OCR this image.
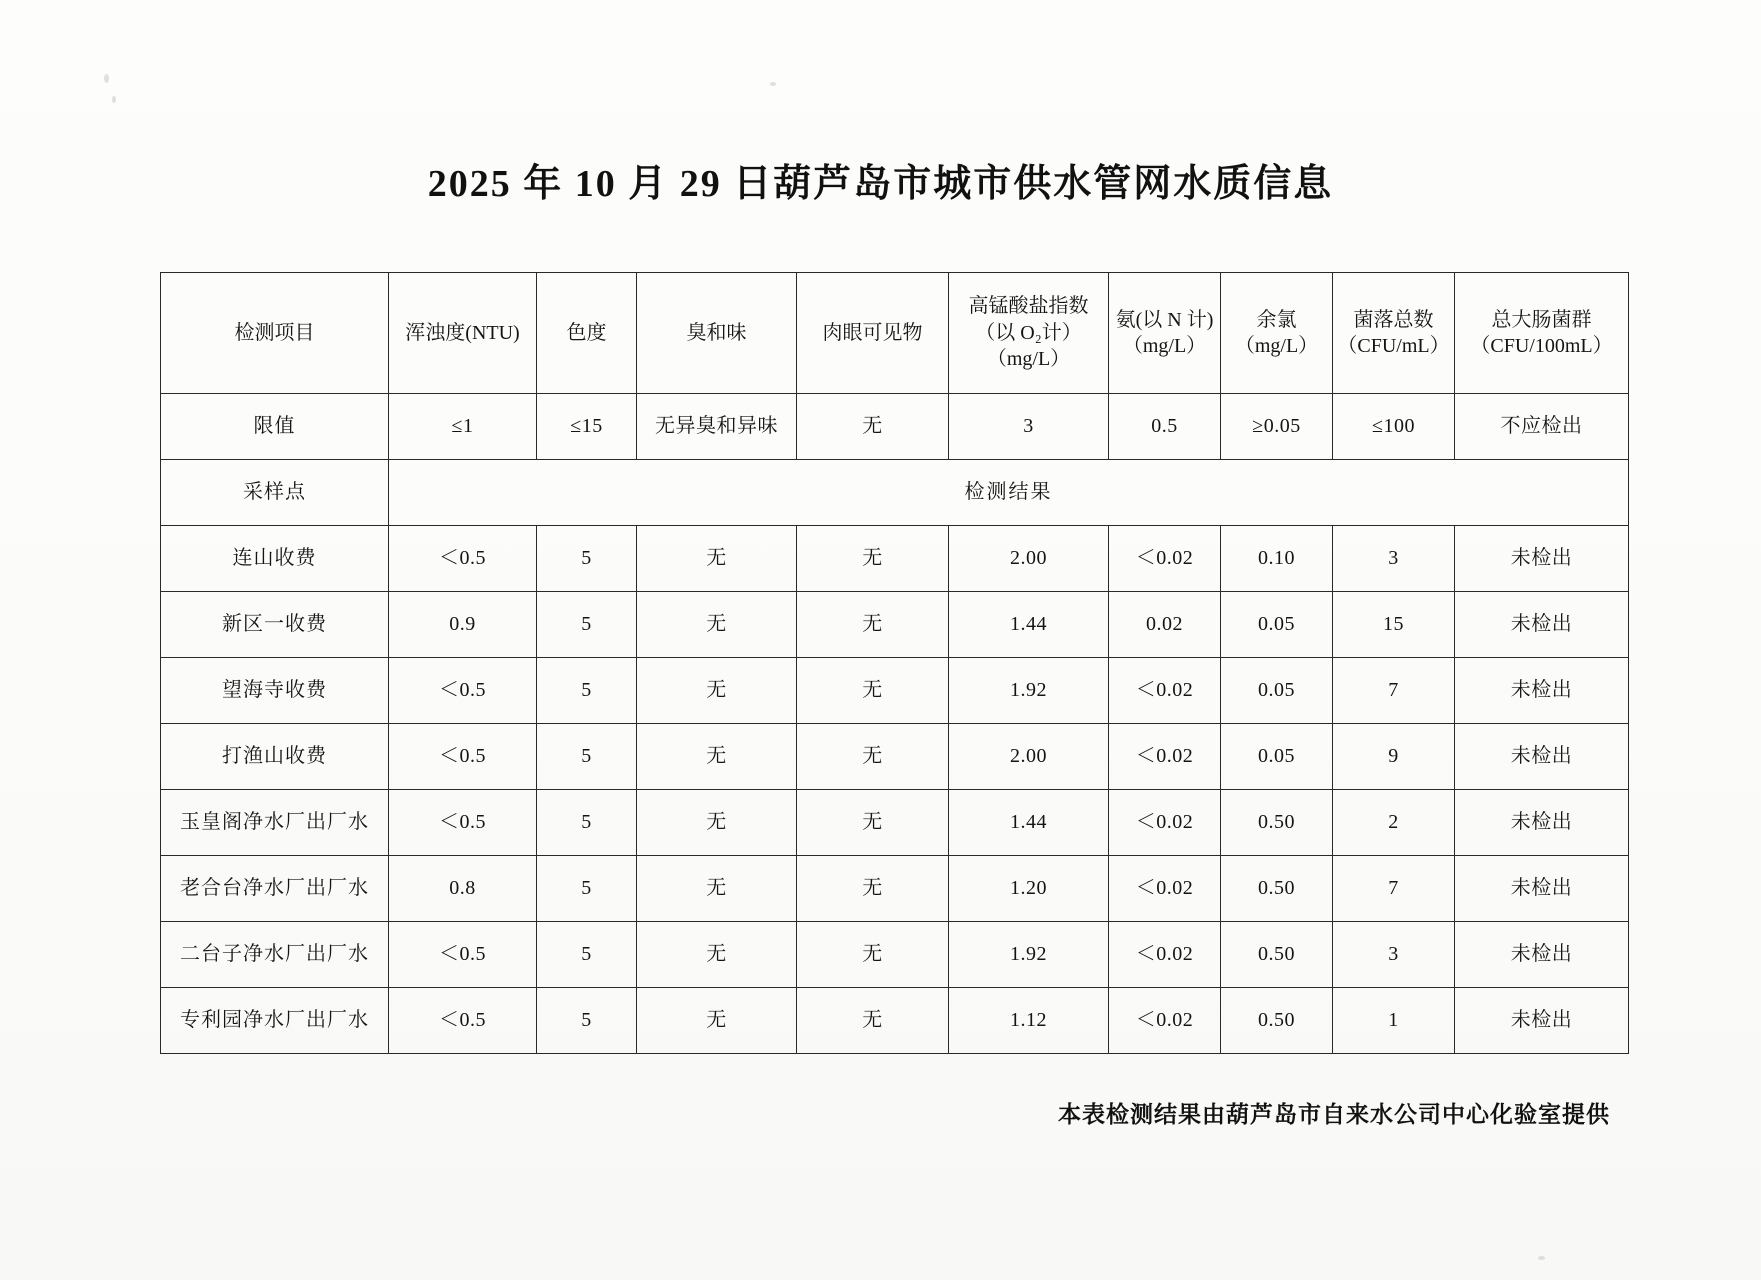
2025 年 10 月 29 日葫芦岛市城市供水管网水质信息
检测项目	浑浊度(NTU)	色度	臭和味	肉眼可见物	高锰酸盐指数
（以 O₂计）
（mg/L）	氨(以 N 计)
（mg/L）	余氯
（mg/L）	菌落总数
（CFU/mL）	总大肠菌群
（CFU/100mL）

限值	≤1	≤15	无异臭和异味	无	3	0.5	≥0.05	≤100	不应检出
采样点	检测结果								
连山收费	＜0.5	5	无	无	2.00	＜0.02	0.10	3	未检出
新区一收费	0.9	5	无	无	1.44	0.02	0.05	15	未检出
望海寺收费	＜0.5	5	无	无	1.92	＜0.02	0.05	7	未检出
打渔山收费	＜0.5	5	无	无	2.00	＜0.02	0.05	9	未检出
玉皇阁净水厂出厂水	＜0.5	5	无	无	1.44	＜0.02	0.50	2	未检出
老合台净水厂出厂水	0.8	5	无	无	1.20	＜0.02	0.50	7	未检出
二台子净水厂出厂水	＜0.5	5	无	无	1.92	＜0.02	0.50	3	未检出
专利园净水厂出厂水	＜0.5	5	无	无	1.12	＜0.02	0.50	1	未检出
本表检测结果由葫芦岛市自来水公司中心化验室提供
